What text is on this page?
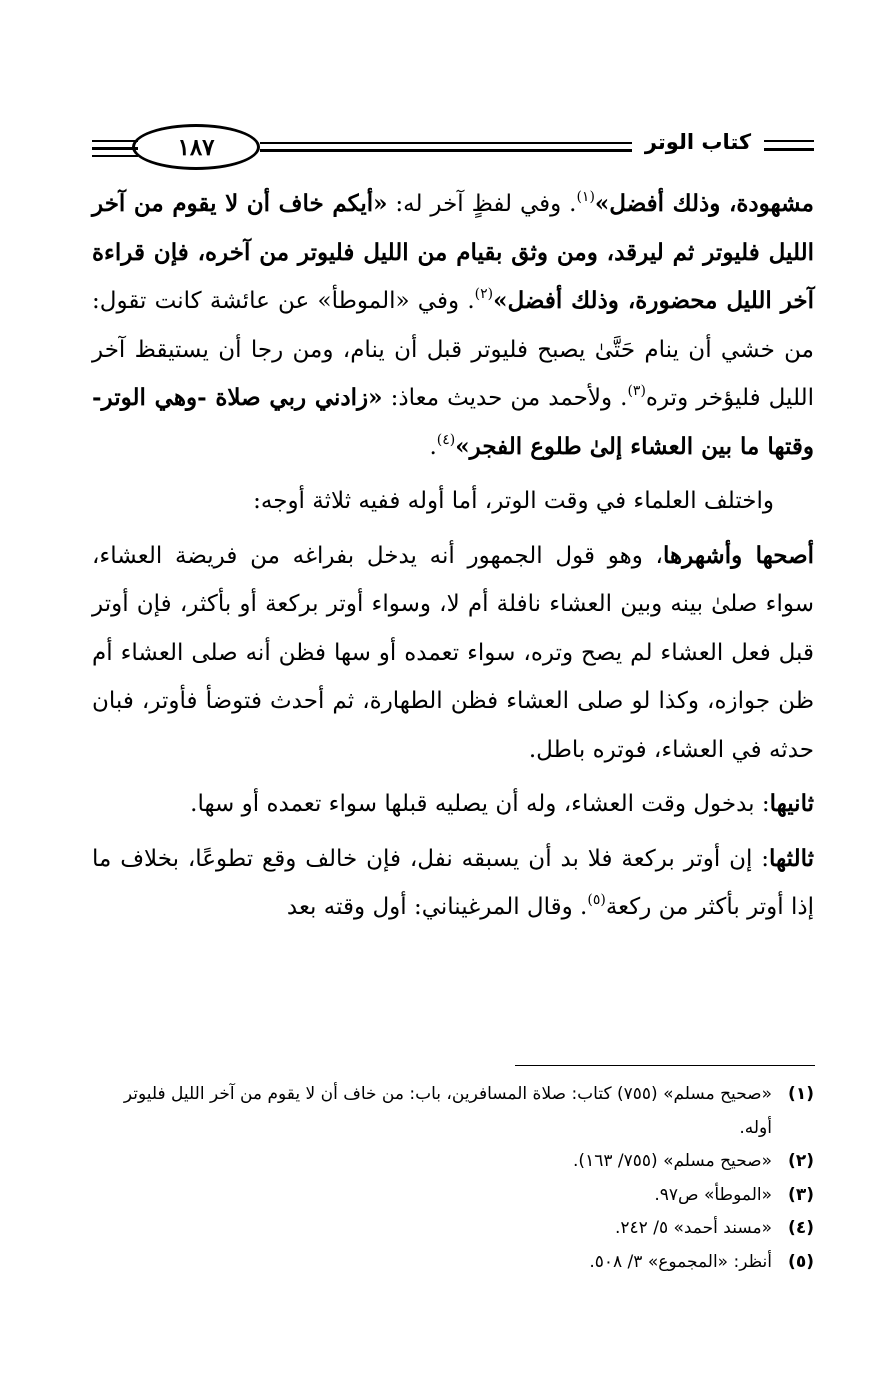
١٨٧	كتاب الوتر

مشهودة، وذلك أفضل»$^{(١)}$. وفي لفظٍ آخر له: «أيكم خاف أن لا يقوم من آخر الليل فليوتر ثم ليرقد، ومن وثق بقيام من الليل فليوتر من آخره، فإن قراءة آخر الليل محضورة، وذلك أفضل»$^{(٢)}$. وفي «الموطأ» عن عائشة كانت تقول: من خشي أن ينام حَتَّىٰ يصبح فليوتر قبل أن ينام، ومن رجا أن يستيقظ آخر الليل فليؤخر وتره$^{(٣)}$. ولأحمد من حديث معاذ: «زادني ربي صلاة -وهي الوتر- وقتها ما بين العشاء إلىٰ طلوع الفجر»$^{(٤)}$.

واختلف العلماء في وقت الوتر، أما أوله ففيه ثلاثة أوجه:

أصحها وأشهرها، وهو قول الجمهور أنه يدخل بفراغه من فريضة العشاء، سواء صلىٰ بينه وبين العشاء نافلة أم لا، وسواء أوتر بركعة أو بأكثر، فإن أوتر قبل فعل العشاء لم يصح وتره، سواء تعمده أو سها فظن أنه صلى العشاء أم ظن جوازه، وكذا لو صلى العشاء فظن الطهارة، ثم أحدث فتوضأ فأوتر، فبان حدثه في العشاء، فوتره باطل.

ثانيها: بدخول وقت العشاء، وله أن يصليه قبلها سواء تعمده أو سها.

ثالثها: إن أوتر بركعة فلا بد أن يسبقه نفل، فإن خالف وقع تطوعًا، بخلاف ما إذا أوتر بأكثر من ركعة$^{(٥)}$. وقال المرغيناني: أول وقته بعد

(١)
«صحيح مسلم» (٧٥٥) كتاب: صلاة المسافرين، باب: من خاف أن لا يقوم من آخر الليل فليوتر أوله.
(٢)
«صحيح مسلم» (٧٥٥/ ١٦٣).
(٣)
«الموطأ» ص٩٧.
(٤)
«مسند أحمد» ٥/ ٢٤٢.
(٥)
أنظر: «المجموع» ٣/ ٥٠٨.
